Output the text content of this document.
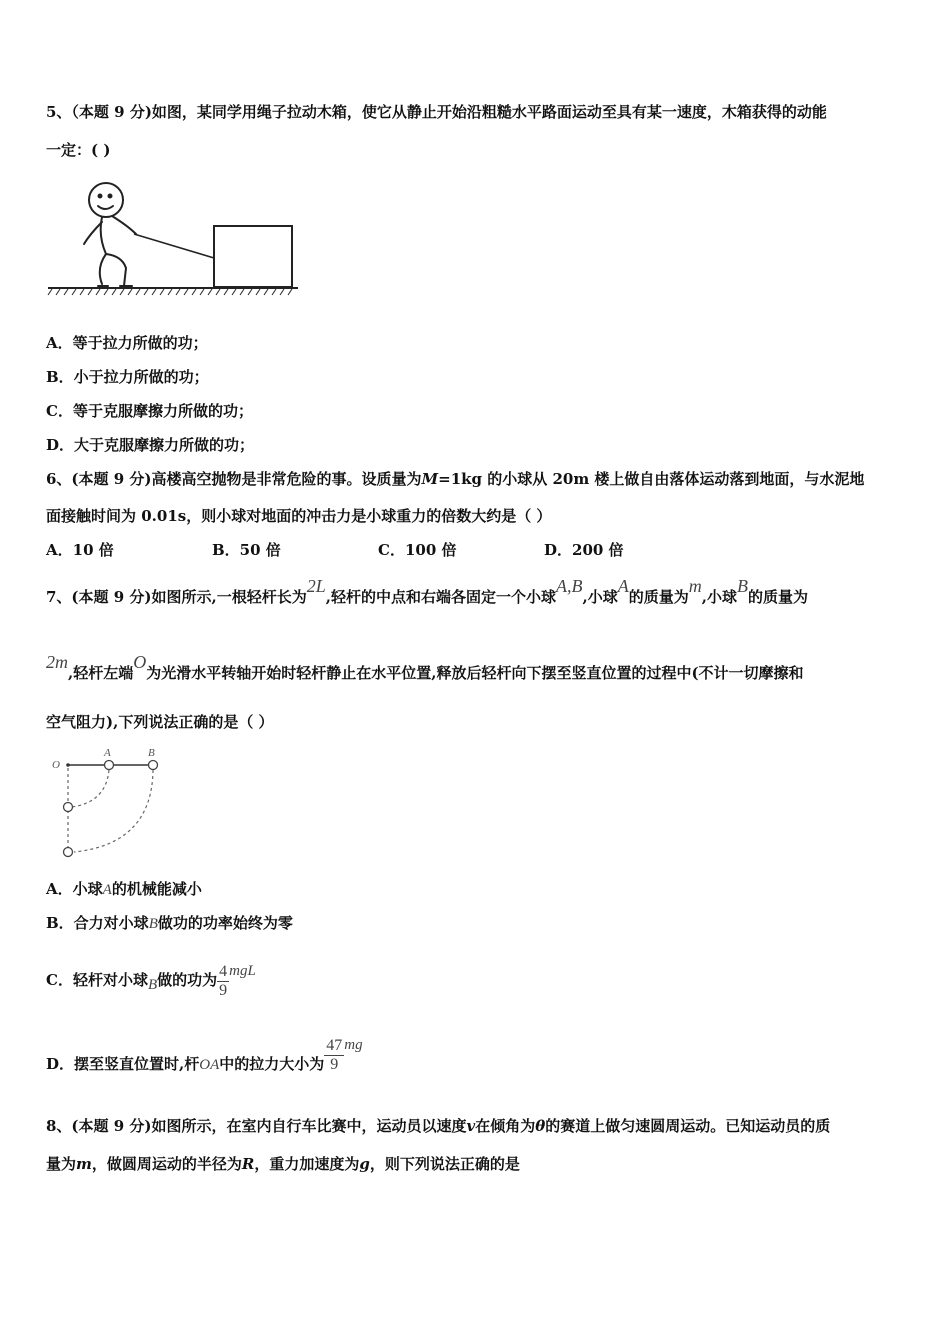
5、（本题 9 分)如图，某同学用绳子拉动木箱，使它从静止开始沿粗糙水平路面运动至具有某一速度，木箱获得的动能
一定：( )
A．等于拉力所做的功；
B．小于拉力所做的功；
C．等于克服摩擦力所做的功；
D．大于克服摩擦力所做的功；
6、(本题 9 分)高楼高空抛物是非常危险的事。设质量为M=1kg 的小球从 20m 楼上做自由落体运动落到地面，与水泥地
面接触时间为 0.01s，则小球对地面的冲击力是小球重力的倍数大约是（ ）
A．10 倍	B．50 倍	C．100 倍	D．200 倍
7、(本题 9 分)如图所示,一根轻杆长为2L,轻杆的中点和右端各固定一个小球A,B,小球A的质量为m,小球B的质量为
2m,轻杆左端O为光滑水平转轴开始时轻杆静止在水平位置,释放后轻杆向下摆至竖直位置的过程中(不计一切摩擦和
空气阻力),下列说法正确的是（ ）
O
A	B
A．小球A的机械能减小
B．合力对小球B做功的功率始终为零
C．轻杆对小球B做的功为 $\frac{4}{9}$ mgL
D．摆至竖直位置时,杆OA中的拉力大小为 $\frac{47}{9}$ mg
8、(本题 9 分)如图所示，在室内自行车比赛中，运动员以速度v在倾角为θ的赛道上做匀速圆周运动。已知运动员的质
量为m，做圆周运动的半径为R，重力加速度为g，则下列说法正确的是
